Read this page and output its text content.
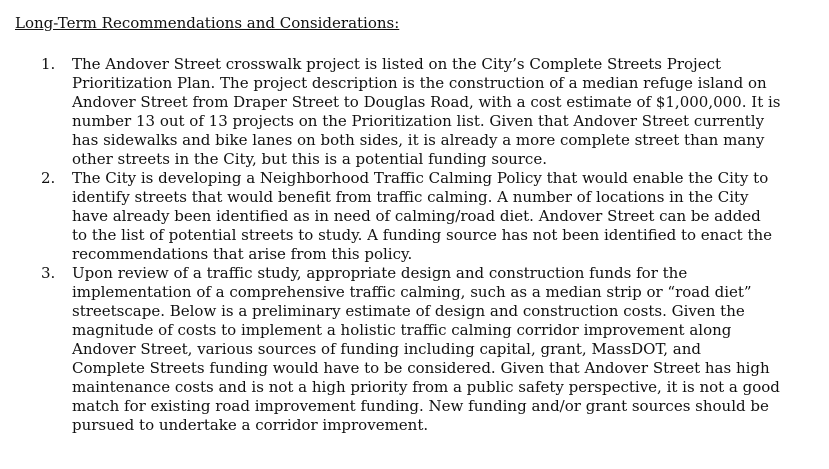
Long-Term Recommendations and Considerations:
1. The Andover Street crosswalk project is listed on the City’s Complete Streets Project
Prioritization Plan. The project description is the construction of a median refuge island on
Andover Street from Draper Street to Douglas Road, with a cost estimate of $1,000,000. It is
number 13 out of 13 projects on the Prioritization list. Given that Andover Street currently
has sidewalks and bike lanes on both sides, it is already a more complete street than many
other streets in the City, but this is a potential funding source.
2. The City is developing a Neighborhood Traffic Calming Policy that would enable the City to
identify streets that would benefit from traffic calming. A number of locations in the City
have already been identified as in need of calming/road diet. Andover Street can be added
to the list of potential streets to study. A funding source has not been identified to enact the
recommendations that arise from this policy.
3. Upon review of a traffic study, appropriate design and construction funds for the
implementation of a comprehensive traffic calming, such as a median strip or “road diet”
streetscape. Below is a preliminary estimate of design and construction costs. Given the
magnitude of costs to implement a holistic traffic calming corridor improvement along
Andover Street, various sources of funding including capital, grant, MassDOT, and
Complete Streets funding would have to be considered. Given that Andover Street has high
maintenance costs and is not a high priority from a public safety perspective, it is not a good
match for existing road improvement funding. New funding and/or grant sources should be
pursued to undertake a corridor improvement.
